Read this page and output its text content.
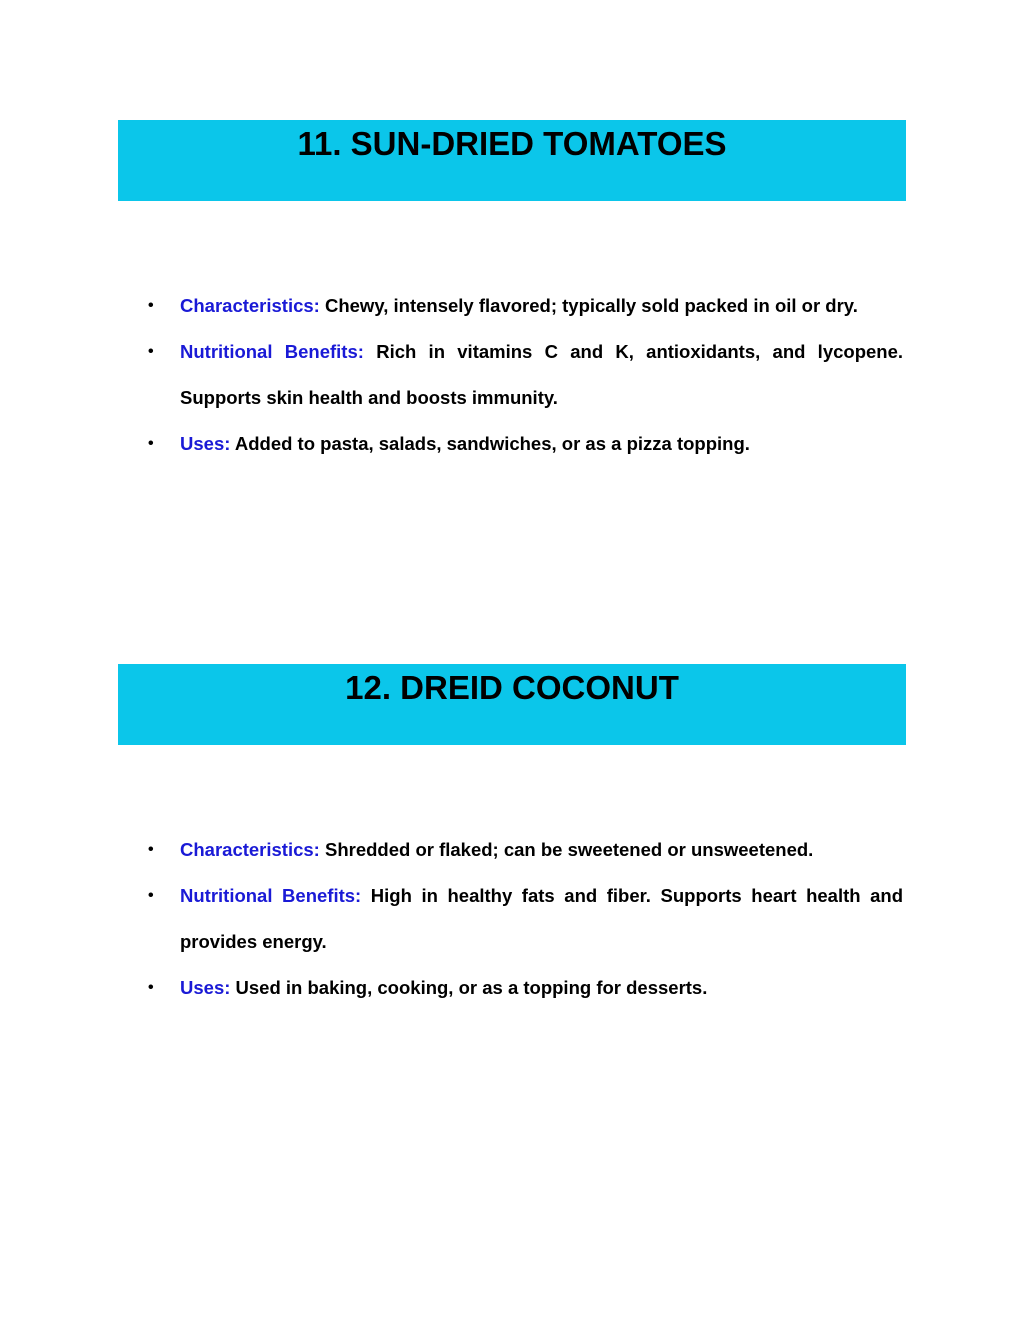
11. SUN-DRIED TOMATOES
• Characteristics: Chewy, intensely flavored; typically sold packed in oil or dry.
• Nutritional Benefits: Rich in vitamins C and K, antioxidants, and lycopene. Supports skin health and boosts immunity.
• Uses: Added to pasta, salads, sandwiches, or as a pizza topping.
12. DREID COCONUT
• Characteristics: Shredded or flaked; can be sweetened or unsweetened.
• Nutritional Benefits: High in healthy fats and fiber. Supports heart health and provides energy.
• Uses: Used in baking, cooking, or as a topping for desserts.
